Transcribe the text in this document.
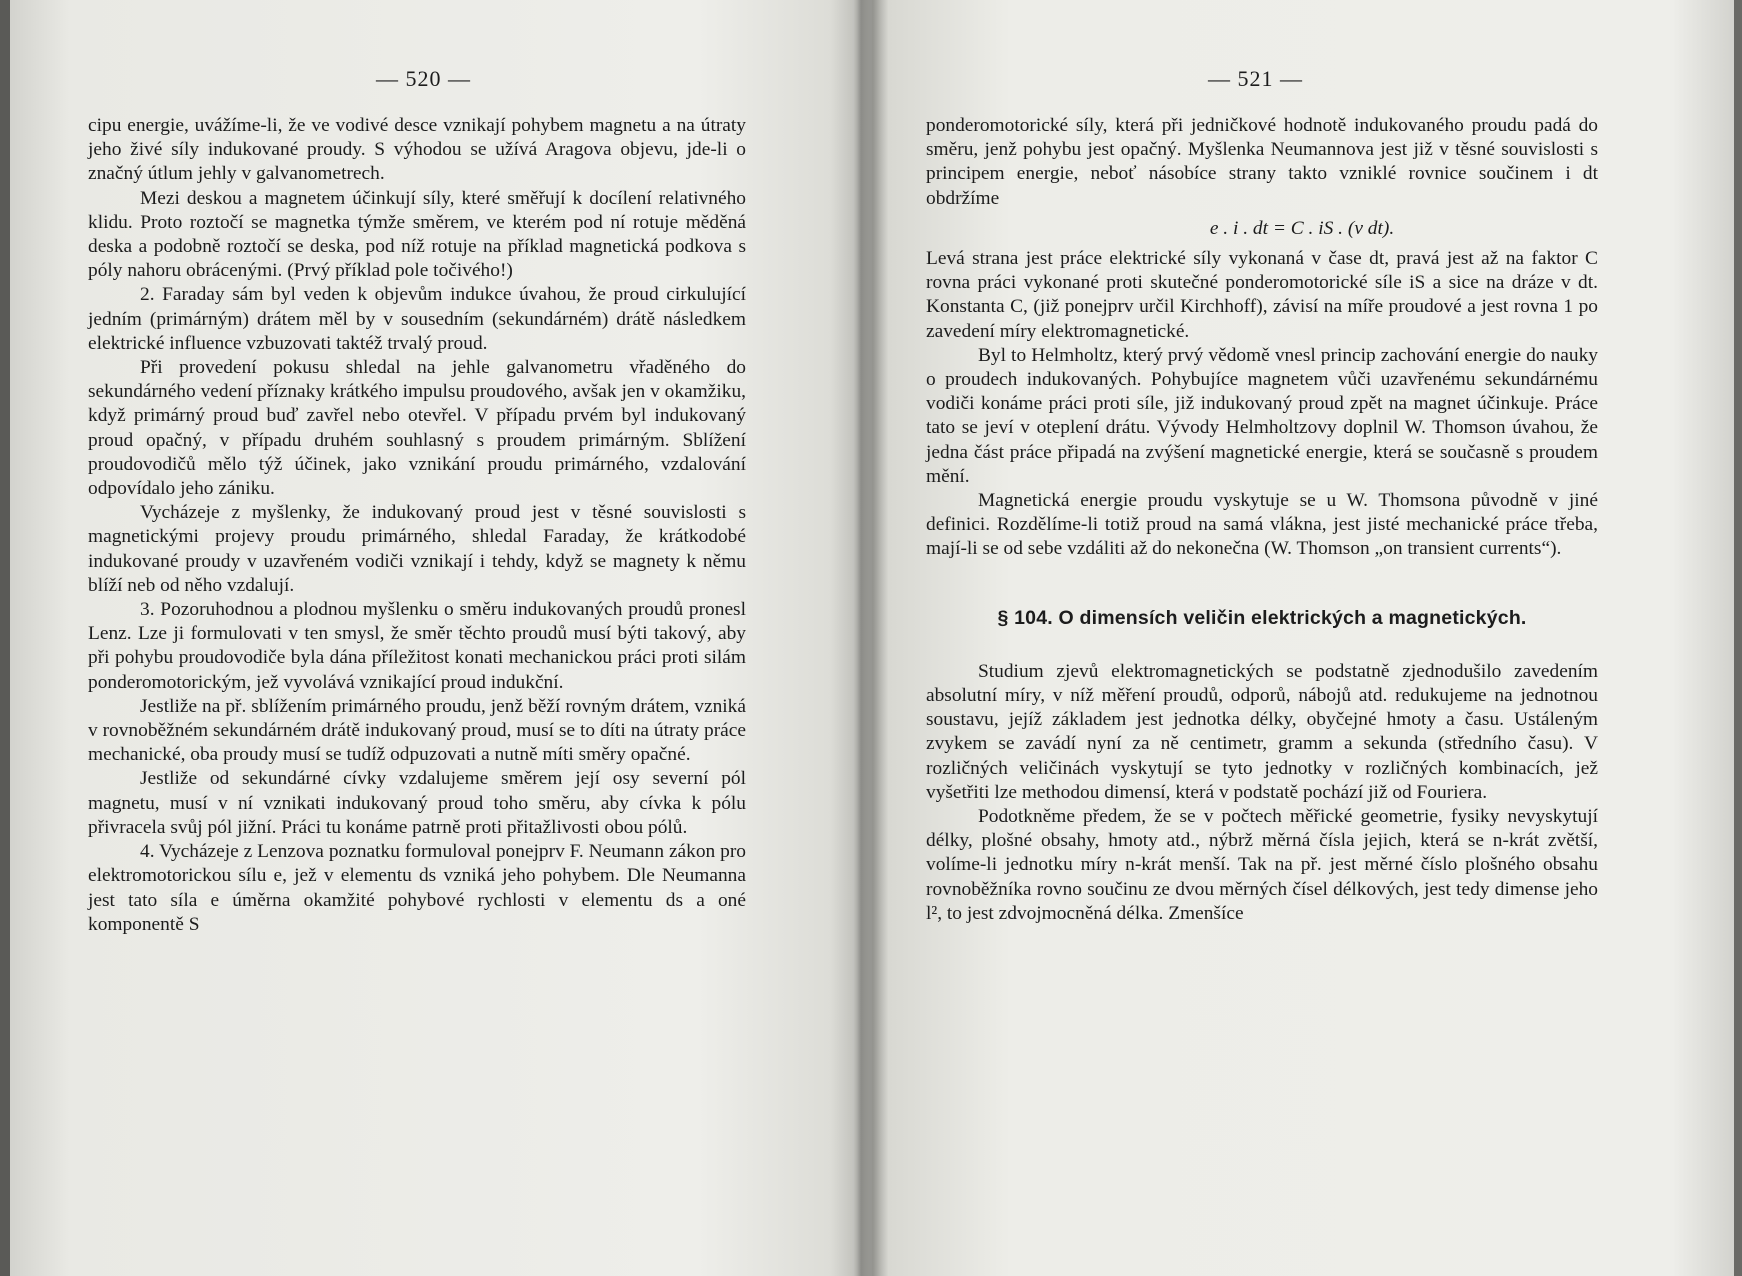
— 520 —

cipu energie, uvážíme-li, že ve vodivé desce vznikají pohybem magnetu a na útraty jeho živé síly indukované proudy. S výhodou se užívá Aragova objevu, jde-li o značný útlum jehly v galvanometrech.

Mezi deskou a magnetem účinkují síly, které směřují k docílení relativného klidu. Proto roztočí se magnetka týmže směrem, ve kterém pod ní rotuje měděná deska a podobně roztočí se deska, pod níž rotuje na příklad magnetická podkova s póly nahoru obrácenými. (Prvý příklad pole točivého!)

2. Faraday sám byl veden k objevům indukce úvahou, že proud cirkulující jedním (primárným) drátem měl by v sousedním (sekundárném) drátě následkem elektrické influence vzbuzovati taktéž trvalý proud.

Při provedení pokusu shledal na jehle galvanometru vřaděného do sekundárného vedení příznaky krátkého impulsu proudového, avšak jen v okamžiku, když primárný proud buď zavřel nebo otevřel. V případu prvém byl indukovaný proud opačný, v případu druhém souhlasný s proudem primárným. Sblížení proudovodičů mělo týž účinek, jako vznikání proudu primárného, vzdalování odpovídalo jeho zániku.

Vycházeje z myšlenky, že indukovaný proud jest v těsné souvislosti s magnetickými projevy proudu primárného, shledal Faraday, že krátkodobé indukované proudy v uzavřeném vodiči vznikají i tehdy, když se magnety k němu blíží neb od něho vzdalují.

3. Pozoruhodnou a plodnou myšlenku o směru indukovaných proudů pronesl Lenz. Lze ji formulovati v ten smysl, že směr těchto proudů musí býti takový, aby při pohybu proudovodiče byla dána příležitost konati mechanickou práci proti silám ponderomotorickým, jež vyvolává vznikající proud indukční.

Jestliže na př. sblížením primárného proudu, jenž běží rovným drátem, vzniká v rovnoběžném sekundárném drátě indukovaný proud, musí se to díti na útraty práce mechanické, oba proudy musí se tudíž odpuzovati a nutně míti směry opačné.

Jestliže od sekundárné cívky vzdalujeme směrem její osy severní pól magnetu, musí v ní vznikati indukovaný proud toho směru, aby cívka k pólu přivracela svůj pól jižní. Práci tu konáme patrně proti přitažlivosti obou pólů.

4. Vycházeje z Lenzova poznatku formuloval ponejprv F. Neumann zákon pro elektromotorickou sílu e, jež v elementu ds vzniká jeho pohybem. Dle Neumanna jest tato síla e úměrna okamžité pohybové rychlosti v elementu ds a oné komponentě S

— 521 —

ponderomotorické síly, která při jedničkové hodnotě indukovaného proudu padá do směru, jenž pohybu jest opačný. Myšlenka Neumannova jest již v těsné souvislosti s principem energie, neboť násobíce strany takto vzniklé rovnice součinem i dt obdržíme

e . i . dt = C . iS . (v dt).

Levá strana jest práce elektrické síly vykonaná v čase dt, pravá jest až na faktor C rovna práci vykonané proti skutečné ponderomotorické síle iS a sice na dráze v dt. Konstanta C, (již ponejprv určil Kirchhoff), závisí na míře proudové a jest rovna 1 po zavedení míry elektromagnetické.

Byl to Helmholtz, který prvý vědomě vnesl princip zachování energie do nauky o proudech indukovaných. Pohybujíce magnetem vůči uzavřenému sekundárnému vodiči konáme práci proti síle, již indukovaný proud zpět na magnet účinkuje. Práce tato se jeví v oteplení drátu. Vývody Helmholtzovy doplnil W. Thomson úvahou, že jedna část práce připadá na zvýšení magnetické energie, která se současně s proudem mění.

Magnetická energie proudu vyskytuje se u W. Thomsona původně v jiné definici. Rozdělíme-li totiž proud na samá vlákna, jest jisté mechanické práce třeba, mají-li se od sebe vzdáliti až do nekonečna (W. Thomson „on transient currents“).

§ 104. O dimensích veličin elektrických a magnetických.

Studium zjevů elektromagnetických se podstatně zjednodušilo zavedením absolutní míry, v níž měření proudů, odporů, nábojů atd. redukujeme na jednotnou soustavu, jejíž základem jest jednotka délky, obyčejné hmoty a času. Ustáleným zvykem se zavádí nyní za ně centimetr, gramm a sekunda (středního času). V rozličných veličinách vyskytují se tyto jednotky v rozličných kombinacích, jež vyšetřiti lze methodou dimensí, která v podstatě pochází již od Fouriera.

Podotkněme předem, že se v počtech měřické geometrie, fysiky nevyskytují délky, plošné obsahy, hmoty atd., nýbrž měrná čísla jejich, která se n-krát zvětší, volíme-li jednotku míry n-krát menší. Tak na př. jest měrné číslo plošného obsahu rovnoběžníka rovno součinu ze dvou měrných čísel délkových, jest tedy dimense jeho l², to jest zdvojmocněná délka. Zmenšíce
